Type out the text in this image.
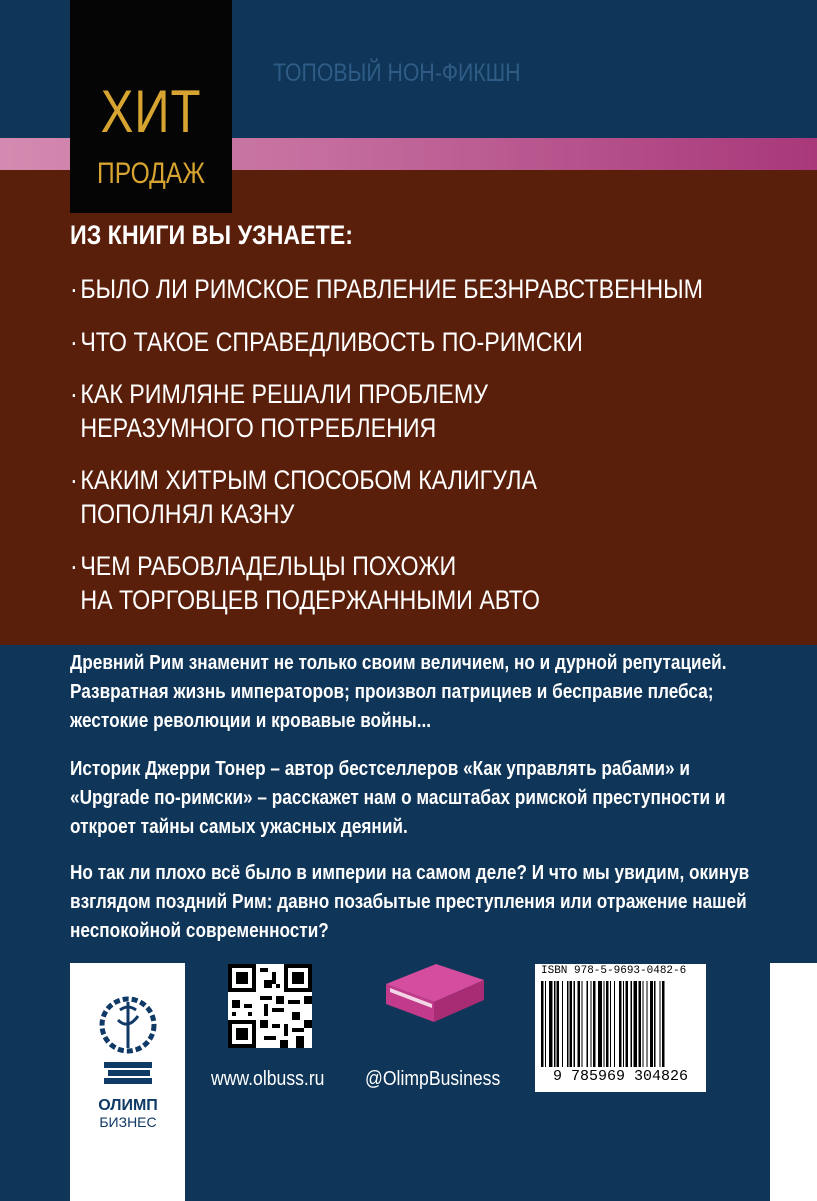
ТОПОВЫЙ НОН-ФИКШН
ХИТ
ПРОДАЖ
ИЗ КНИГИ ВЫ УЗНАЕТЕ:
·БЫЛО ЛИ РИМСКОЕ ПРАВЛЕНИЕ БЕЗНРАВСТВЕННЫМ
·ЧТО ТАКОЕ СПРАВЕДЛИВОСТЬ ПО-РИМСКИ
·КАК РИМЛЯНЕ РЕШАЛИ ПРОБЛЕМУ
НЕРАЗУМНОГО ПОТРЕБЛЕНИЯ
·КАКИМ ХИТРЫМ СПОСОБОМ КАЛИГУЛА
ПОПОЛНЯЛ КАЗНУ
·ЧЕМ РАБОВЛАДЕЛЬЦЫ ПОХОЖИ
НА ТОРГОВЦЕВ ПОДЕРЖАННЫМИ АВТО
Древний Рим знаменит не только своим величием, но и дурной репутацией.
Развратная жизнь императоров; произвол патрициев и бесправие плебса;
жестокие революции и кровавые войны...
Историк Джерри Тонер – автор бестселлеров «Как управлять рабами» и
«Upgrade по-римски» – расскажет нам о масштабах римской преступности и
откроет тайны самых ужасных деяний.
Но так ли плохо всё было в империи на самом деле? И что мы увидим, окинув
взглядом поздний Рим: давно позабытые преступления или отражение нашей
неспокойной современности?
ОЛИМП
БИЗНЕС
www.olbuss.ru @OlimpBusiness
ISBN 978-5-9693-0482-6
9 785969 304826
